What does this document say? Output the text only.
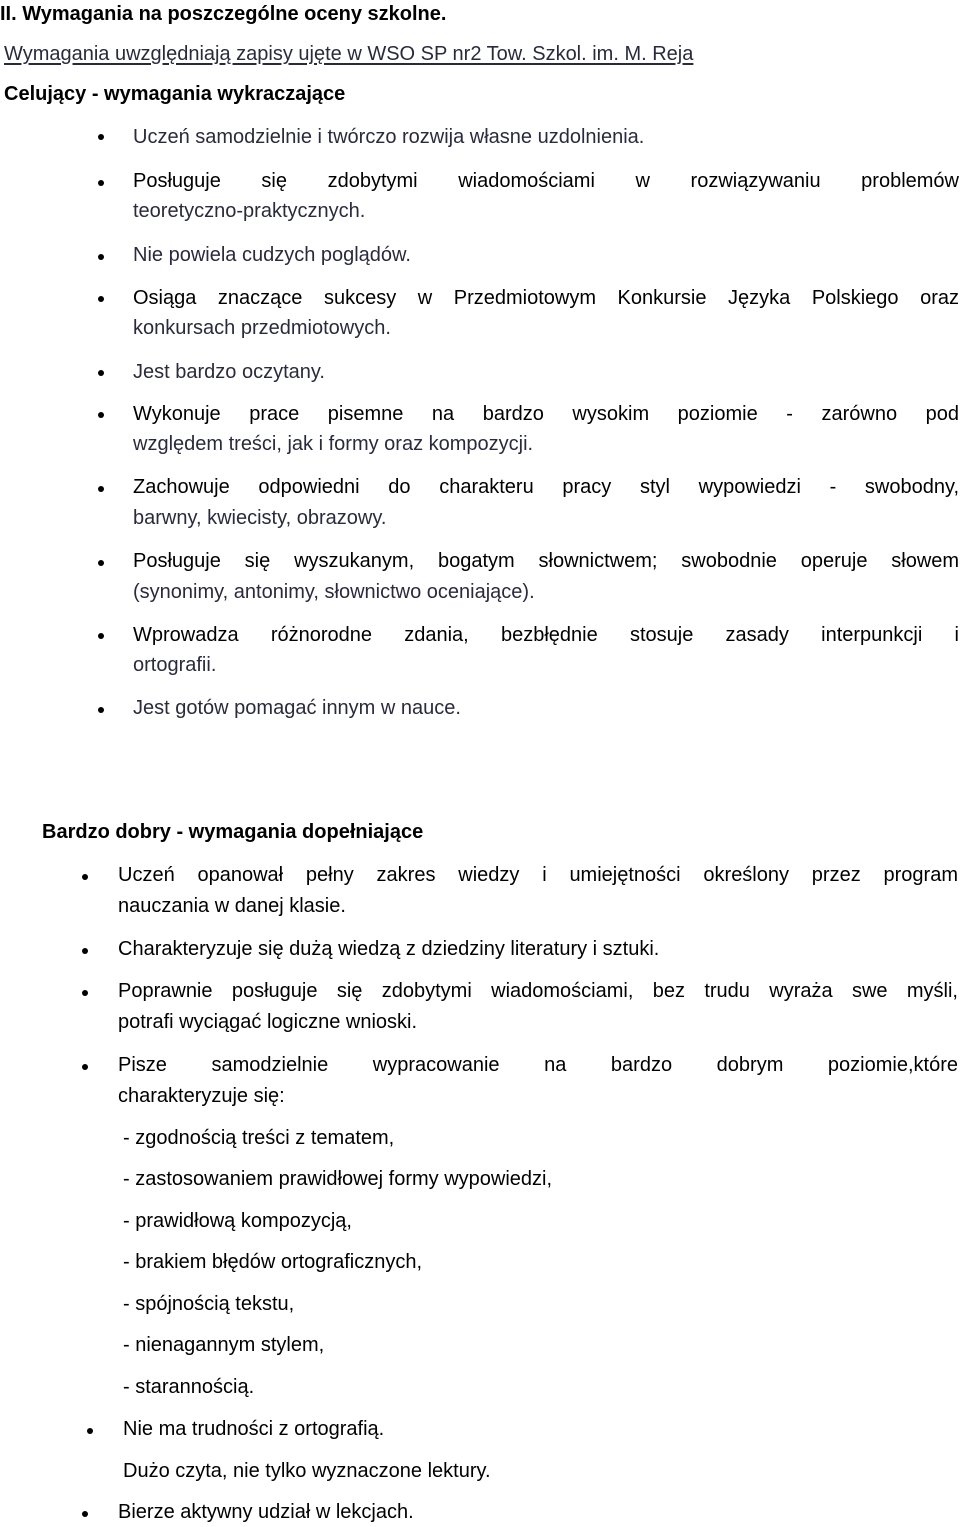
II. Wymagania na poszczególne oceny szkolne.
Wymagania uwzględniają zapisy ujęte w WSO SP nr2 Tow. Szkol. im. M. Reja
Celujący - wymagania wykraczające
Uczeń samodzielnie i twórczo rozwija własne uzdolnienia.
Posługuje się zdobytymi wiadomościami w rozwiązywaniu problemów
teoretyczno-praktycznych.
Nie powiela cudzych poglądów.
Osiąga znaczące sukcesy w Przedmiotowym Konkursie Języka Polskiego oraz
konkursach przedmiotowych.
Jest bardzo oczytany.
Wykonuje prace pisemne na bardzo wysokim poziomie - zarówno pod
względem treści, jak i formy oraz kompozycji.
Zachowuje odpowiedni do charakteru pracy styl wypowiedzi - swobodny,
barwny, kwiecisty, obrazowy.
Posługuje się wyszukanym, bogatym słownictwem; swobodnie operuje słowem
(synonimy, antonimy, słownictwo oceniające).
Wprowadza różnorodne zdania, bezbłędnie stosuje zasady interpunkcji i
ortografii.
Jest gotów pomagać innym w nauce.
Bardzo dobry - wymagania dopełniające
Uczeń opanował pełny zakres wiedzy i umiejętności określony przez program
nauczania w danej klasie.
Charakteryzuje się dużą wiedzą z dziedziny literatury i sztuki.
Poprawnie posługuje się zdobytymi wiadomościami, bez trudu wyraża swe myśli,
potrafi wyciągać logiczne wnioski.
Pisze samodzielnie wypracowanie na bardzo dobrym poziomie,które
charakteryzuje się:
- zgodnością treści z tematem,
- zastosowaniem prawidłowej formy wypowiedzi,
- prawidłową kompozycją,
- brakiem błędów ortograficznych,
- spójnością tekstu,
- nienagannym stylem,
- starannością.
Nie ma trudności z ortografią.
Dużo czyta, nie tylko wyznaczone lektury.
Bierze aktywny udział w lekcjach.
